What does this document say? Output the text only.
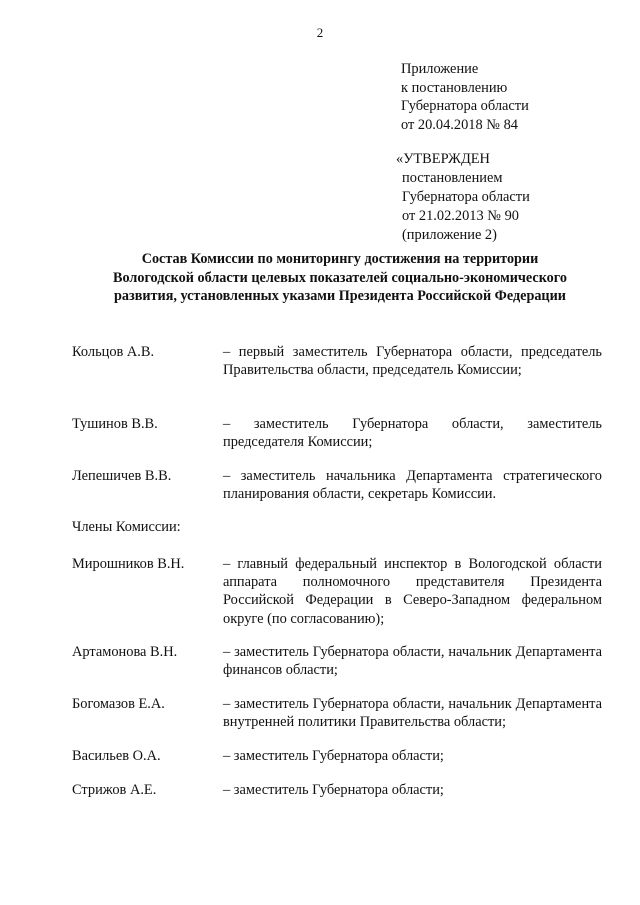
2
Приложение
к постановлению
Губернатора области
от 20.04.2018 № 84
«УТВЕРЖДЕН
постановлением
Губернатора области
от 21.02.2013 № 90
(приложение 2)
Состав Комиссии по мониторингу достижения на территории
Вологодской области целевых показателей социально-экономического
развития, установленных указами Президента Российской Федерации
Кольцов А.В.	– первый заместитель Губернатора области, председатель Правительства области, председатель Комиссии;
Тушинов В.В.	– заместитель Губернатора области, заместитель председателя Комиссии;
Лепешичев В.В.	– заместитель начальника Департамента стратегического планирования области, секретарь Комиссии.
Члены Комиссии:
Мирошников В.Н.	– главный федеральный инспектор в Вологодской области аппарата полномочного представителя Президента Российской Федерации в Северо-Западном федеральном округе (по согласованию);
Артамонова В.Н.	– заместитель Губернатора области, начальник Департамента финансов области;
Богомазов Е.А.	– заместитель Губернатора области, начальник Департамента внутренней политики Правительства области;
Васильев О.А.	– заместитель Губернатора области;
Стрижов А.Е.	– заместитель Губернатора области;
